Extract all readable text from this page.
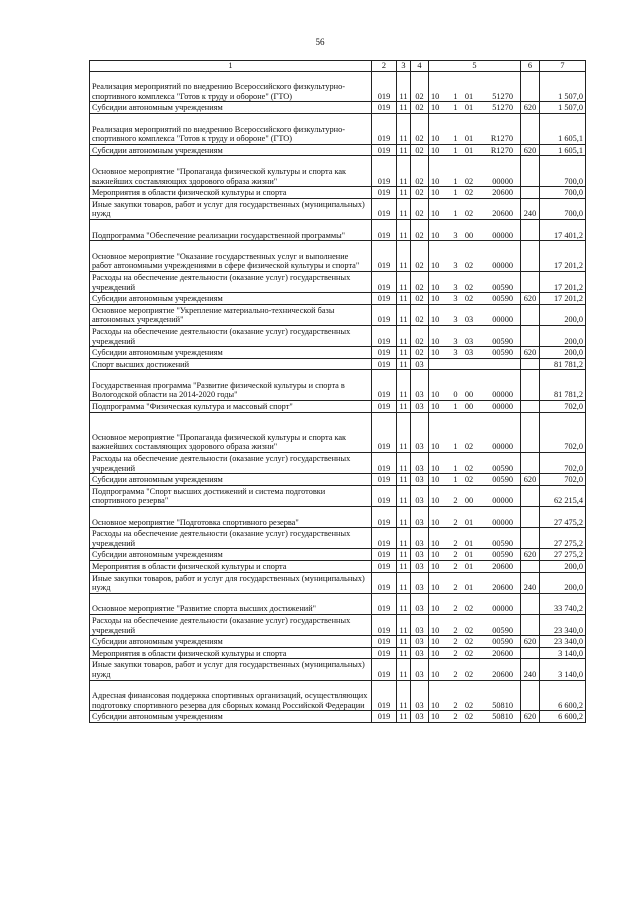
56
1	2	3	4	5	6	7
Реализация мероприятий по внедрению Всероссийского физкультурно-спортивного комплекса "Готов к труду и обороне" (ГТО)	019	11	02	10 1 01 51270		1 507,0
Субсидии автономным учреждениям	019	11	02	10 1 01 51270	620	1 507,0
Реализация мероприятий по внедрению Всероссийского физкультурно-спортивного комплекса "Готов к труду и обороне" (ГТО)	019	11	02	10 1 01 R1270		1 605,1
Субсидии автономным учреждениям	019	11	02	10 1 01 R1270	620	1 605,1
Основное мероприятие "Пропаганда физической культуры и спорта как важнейших составляющих здорового образа жизни"	019	11	02	10 1 02 00000		700,0
Мероприятия в области физической культуры и спорта	019	11	02	10 1 02 20600		700,0
Иные закупки товаров, работ и услуг для государственных (муниципальных) нужд	019	11	02	10 1 02 20600	240	700,0
Подпрограмма "Обеспечение реализации государственной программы"	019	11	02	10 3 00 00000		17 401,2
Основное мероприятие "Оказание государственных услуг и выполнение работ автономными учреждениями в сфере физической культуры и спорта"	019	11	02	10 3 02 00000		17 201,2
Расходы на обеспечение деятельности (оказание услуг) государственных учреждений	019	11	02	10 3 02 00590		17 201,2
Субсидии автономным учреждениям	019	11	02	10 3 02 00590	620	17 201,2
Основное мероприятие "Укрепление материально-технической базы автономных учреждений"	019	11	02	10 3 03 00000		200,0
Расходы на обеспечение деятельности (оказание услуг) государственных учреждений	019	11	02	10 3 03 00590		200,0
Субсидии автономным учреждениям	019	11	02	10 3 03 00590	620	200,0
Спорт высших достижений	019	11	03			81 781,2
Государственная программа "Развитие физической культуры и спорта в Вологодской области на 2014-2020 годы"	019	11	03	10 0 00 00000		81 781,2
Подпрограмма "Физическая культура и массовый спорт"	019	11	03	10 1 00 00000		702,0
Основное мероприятие "Пропаганда физической культуры и спорта как важнейших составляющих здорового образа жизни"	019	11	03	10 1 02 00000		702,0
Расходы на обеспечение деятельности (оказание услуг) государственных учреждений	019	11	03	10 1 02 00590		702,0
Субсидии автономным учреждениям	019	11	03	10 1 02 00590	620	702,0
Подпрограмма "Спорт высших достижений и система подготовки спортивного резерва"	019	11	03	10 2 00 00000		62 215,4
Основное мероприятие "Подготовка спортивного резерва"	019	11	03	10 2 01 00000		27 475,2
Расходы на обеспечение деятельности (оказание услуг) государственных учреждений	019	11	03	10 2 01 00590		27 275,2
Субсидии автономным учреждениям	019	11	03	10 2 01 00590	620	27 275,2
Мероприятия в области физической культуры и спорта	019	11	03	10 2 01 20600		200,0
Иные закупки товаров, работ и услуг для государственных (муниципальных) нужд	019	11	03	10 2 01 20600	240	200,0
Основное мероприятие "Развитие спорта высших достижений"	019	11	03	10 2 02 00000		33 740,2
Расходы на обеспечение деятельности (оказание услуг) государственных учреждений	019	11	03	10 2 02 00590		23 340,0
Субсидии автономным учреждениям	019	11	03	10 2 02 00590	620	23 340,0
Мероприятия в области физической культуры и спорта	019	11	03	10 2 02 20600		3 140,0
Иные закупки товаров, работ и услуг для государственных (муниципальных) нужд	019	11	03	10 2 02 20600	240	3 140,0
Адресная финансовая поддержка спортивных организаций, осуществляющих подготовку спортивного резерва для сборных команд Российской Федерации	019	11	03	10 2 02 50810		6 600,2
Субсидии автономным учреждениям	019	11	03	10 2 02 50810	620	6 600,2
